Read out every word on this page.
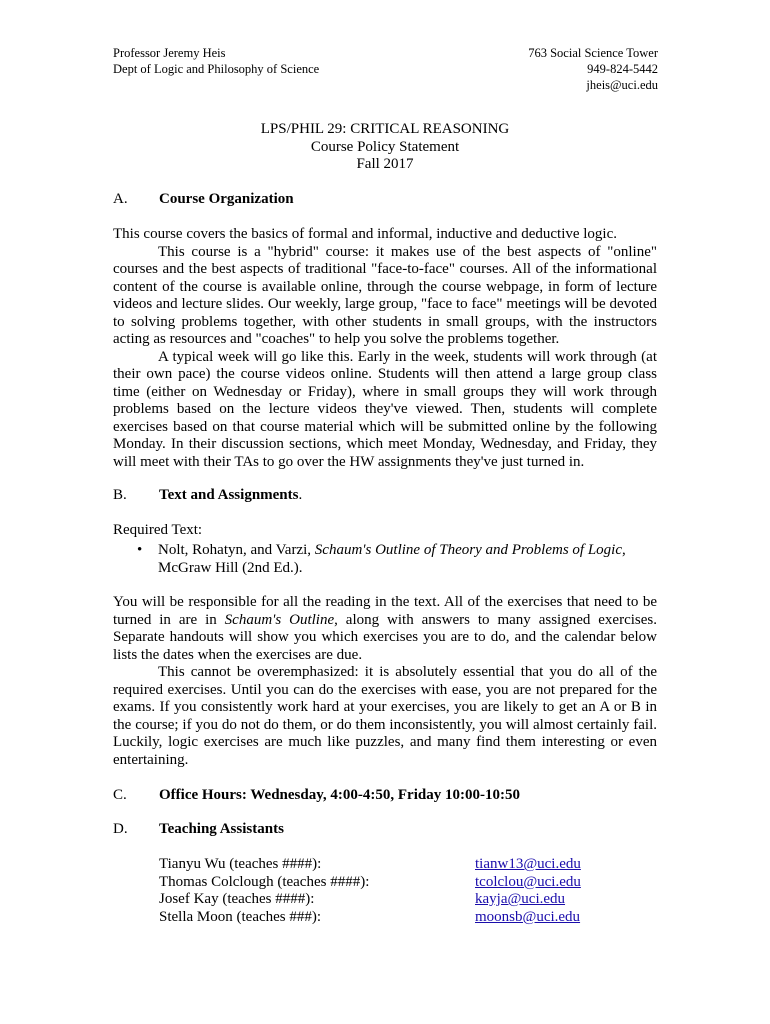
Professor Jeremy Heis
Dept of Logic and Philosophy of Science
763 Social Science Tower
949-824-5442
jheis@uci.edu
LPS/PHIL 29: CRITICAL REASONING
Course Policy Statement
Fall 2017
A. Course Organization

This course covers the basics of formal and informal, inductive and deductive logic.

This course is a "hybrid" course: it makes use of the best aspects of "online" courses and the best aspects of traditional "face-to-face" courses. All of the informational content of the course is available online, through the course webpage, in form of lecture videos and lecture slides. Our weekly, large group, "face to face" meetings will be devoted to solving problems together, with other students in small groups, with the instructors acting as resources and "coaches" to help you solve the problems together.

A typical week will go like this. Early in the week, students will work through (at their own pace) the course videos online. Students will then attend a large group class time (either on Wednesday or Friday), where in small groups they will work through problems based on the lecture videos they've viewed. Then, students will complete exercises based on that course material which will be submitted online by the following Monday. In their discussion sections, which meet Monday, Wednesday, and Friday, they will meet with their TAs to go over the HW assignments they've just turned in.

B. Text and Assignments.

Required Text:

• Nolt, Rohatyn, and Varzi, Schaum's Outline of Theory and Problems of Logic, McGraw Hill (2nd Ed.).

You will be responsible for all the reading in the text. All of the exercises that need to be turned in are in Schaum's Outline, along with answers to many assigned exercises. Separate handouts will show you which exercises you are to do, and the calendar below lists the dates when the exercises are due.

This cannot be overemphasized: it is absolutely essential that you do all of the required exercises. Until you can do the exercises with ease, you are not prepared for the exams. If you consistently work hard at your exercises, you are likely to get an A or B in the course; if you do not do them, or do them inconsistently, you will almost certainly fail. Luckily, logic exercises are much like puzzles, and many find them interesting or even entertaining.

C. Office Hours: Wednesday, 4:00-4:50, Friday 10:00-10:50
D. Teaching Assistants
Tianyu Wu (teaches ####):	tianw13@uci.edu
Thomas Colclough (teaches ####):	tcolclou@uci.edu
Josef Kay (teaches ####):	kayja@uci.edu
Stella Moon (teaches ###):	moonsb@uci.edu
